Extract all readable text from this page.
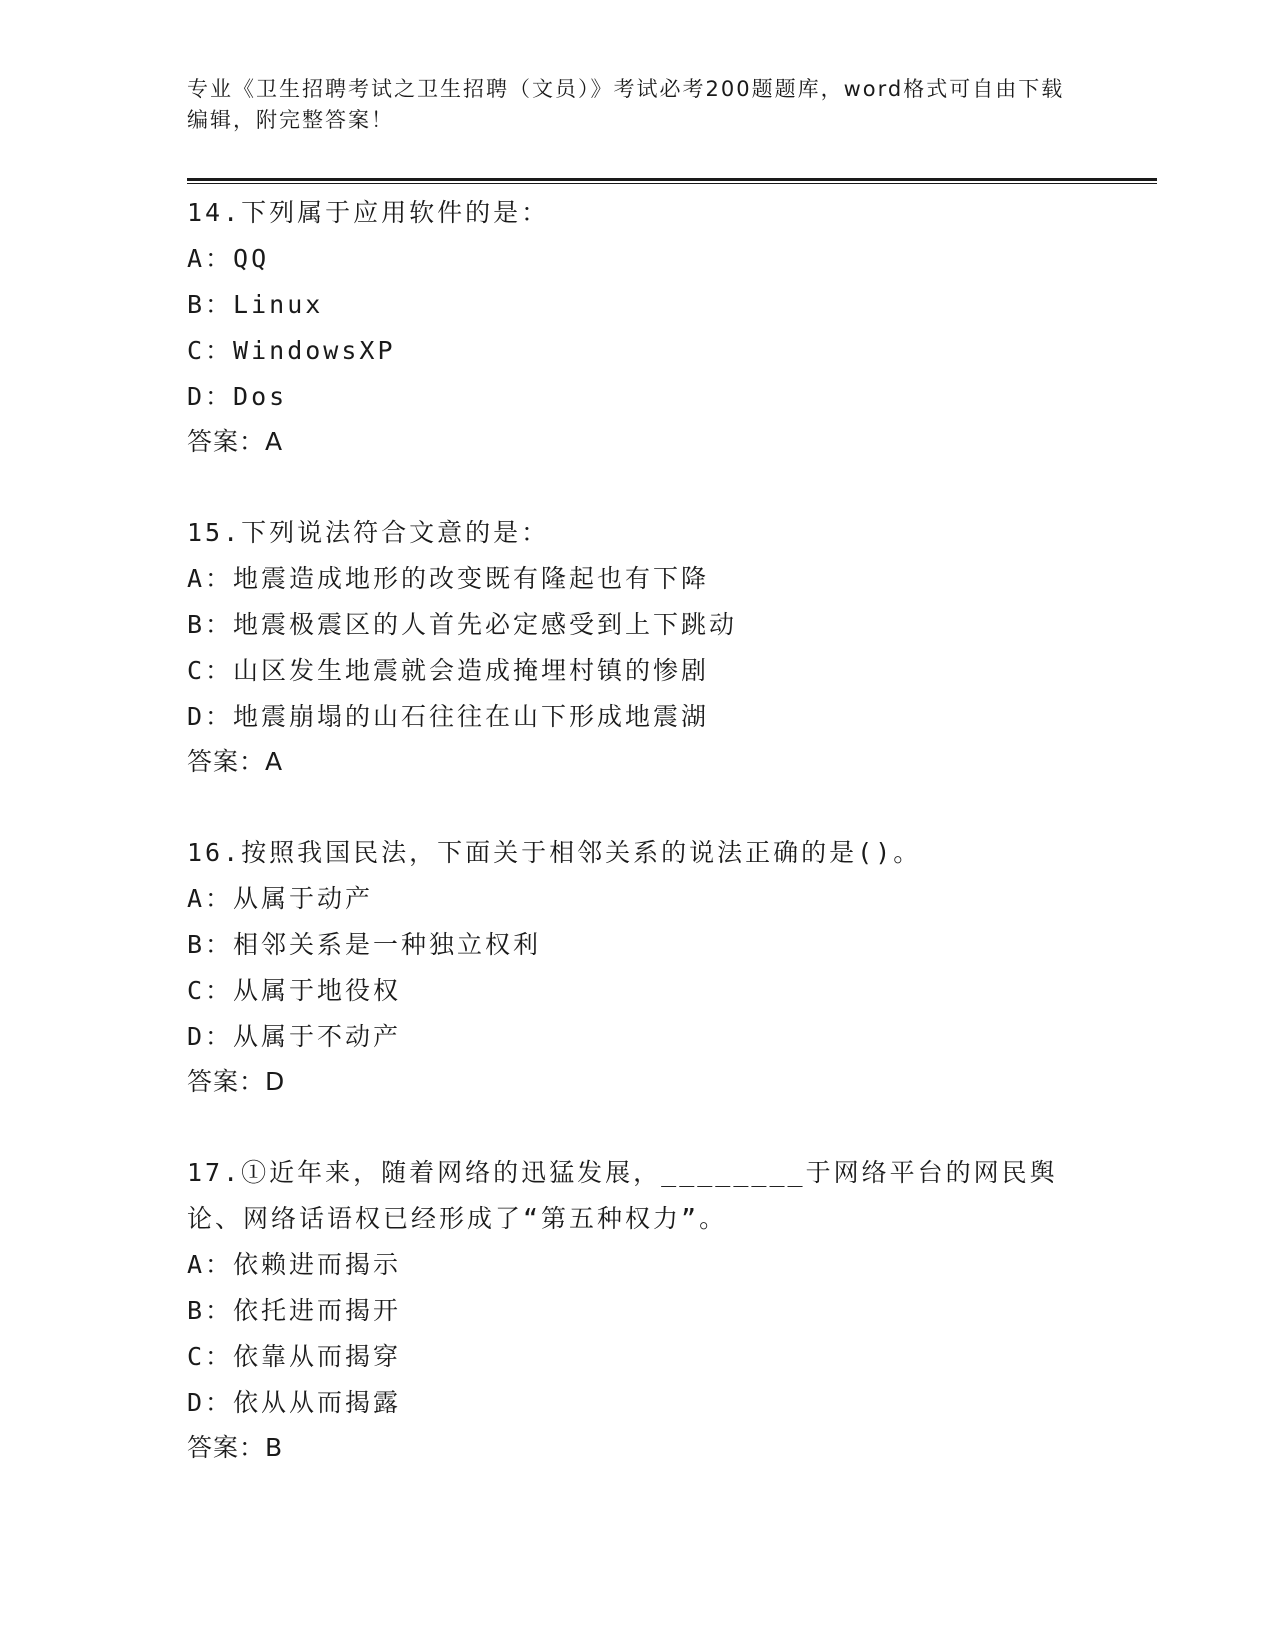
专业《卫生招聘考试之卫生招聘（文员）》考试必考200题题库，word格式可自由下载编辑，附完整答案！
14.下列属于应用软件的是：
A：QQ
B：Linux
C：WindowsXP
D：Dos
答案：A
15.下列说法符合文意的是：
A：地震造成地形的改变既有隆起也有下降
B：地震极震区的人首先必定感受到上下跳动
C：山区发生地震就会造成掩埋村镇的惨剧
D：地震崩塌的山石往往在山下形成地震湖
答案：A
16.按照我国民法，下面关于相邻关系的说法正确的是()。
A：从属于动产
B：相邻关系是一种独立权利
C：从属于地役权
D：从属于不动产
答案：D
17.①近年来，随着网络的迅猛发展，________于网络平台的网民舆论、网络话语权已经形成了“第五种权力”。
A：依赖进而揭示
B：依托进而揭开
C：依靠从而揭穿
D：依从从而揭露
答案：B
